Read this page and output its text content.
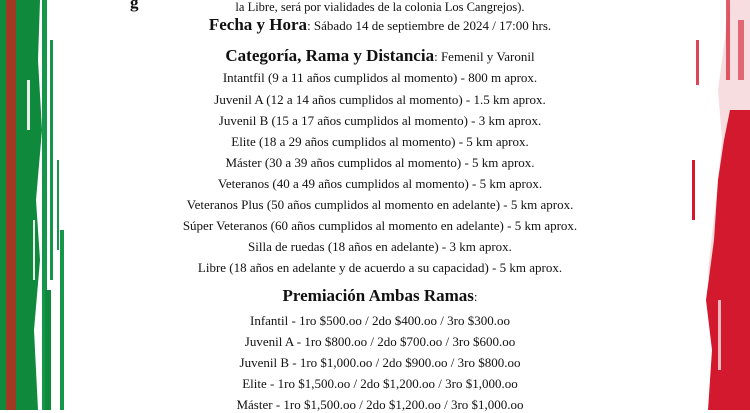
g	la Libre, será por vialidades de la colonia Los Cangrejos).
Fecha y Hora: Sábado 14 de septiembre de 2024 / 17:00 hrs.
Categoría, Rama y Distancia: Femenil y Varonil
Intantfil (9 a 11 años cumplidos al momento) - 800 m aprox.
Juvenil A (12 a 14 años cumplidos al momento) - 1.5 km aprox.
Juvenil B (15 a 17 años cumplidos al momento) - 3 km aprox.
Elite (18 a 29 años cumplidos al momento) - 5 km aprox.
Máster (30 a 39 años cumplidos al momento) - 5 km aprox.
Veteranos (40 a 49 años cumplidos al momento) - 5 km aprox.
Veteranos Plus (50 años cumplidos al momento en adelante) - 5 km aprox.
Súper Veteranos (60 años cumplidos al momento en adelante) - 5 km aprox.
Silla de ruedas (18 años en adelante) - 3 km aprox.
Libre (18 años en adelante y de acuerdo a su capacidad) - 5 km aprox.
Premiación Ambas Ramas:
Infantil - 1ro $500.oo / 2do $400.oo / 3ro $300.oo
Juvenil A - 1ro $800.oo / 2do $700.oo / 3ro $600.oo
Juvenil B - 1ro $1,000.oo / 2do $900.oo / 3ro $800.oo
Elite - 1ro $1,500.oo / 2do $1,200.oo / 3ro $1,000.oo
Máster - 1ro $1,500.oo / 2do $1,200.oo / 3ro $1,000.oo
